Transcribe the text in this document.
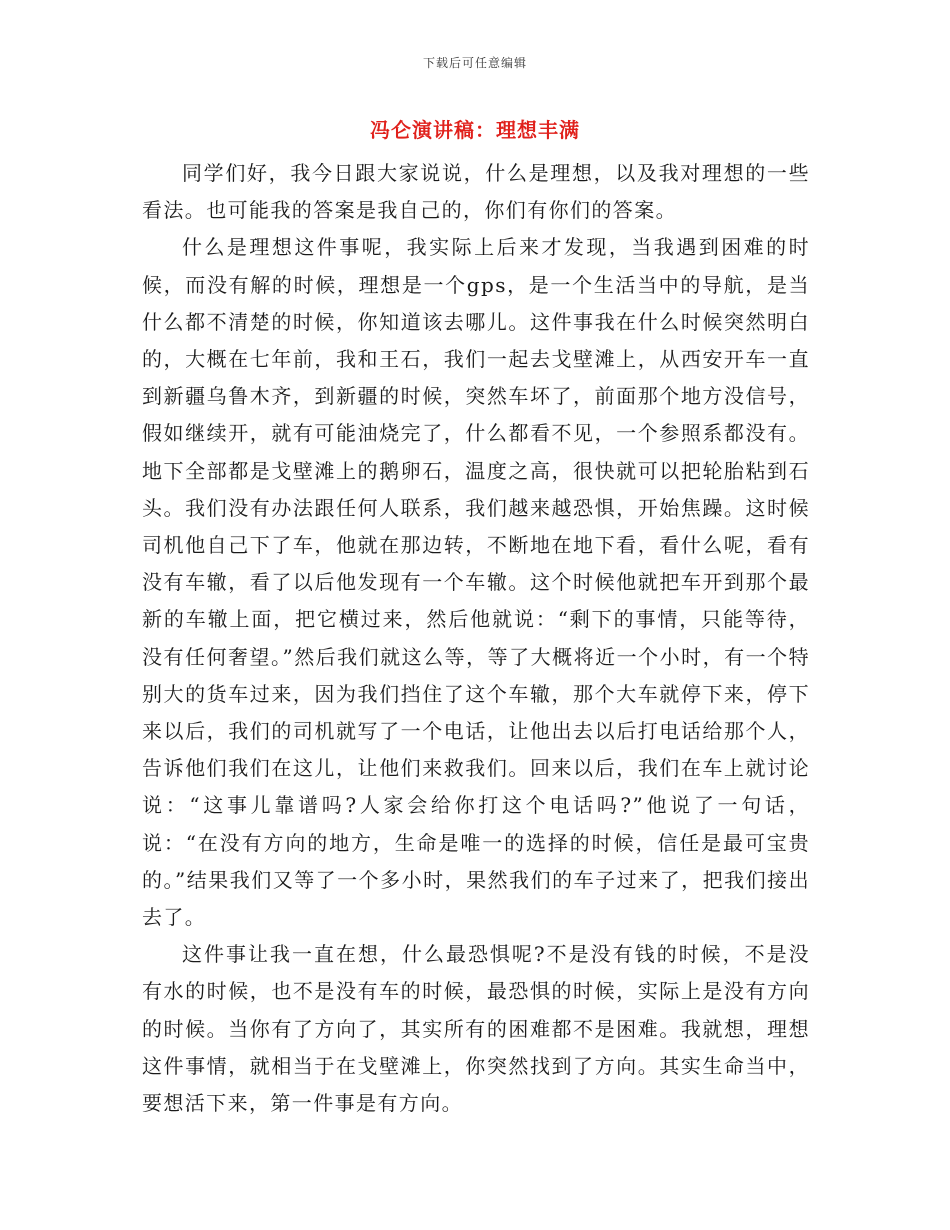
下载后可任意编辑
冯仑演讲稿：理想丰满

同学们好，我今日跟大家说说，什么是理想，以及我对理想的一些看法。也可能我的答案是我自己的，你们有你们的答案。

什么是理想这件事呢，我实际上后来才发现，当我遇到困难的时候，而没有解的时候，理想是一个gps，是一个生活当中的导航，是当什么都不清楚的时候，你知道该去哪儿。这件事我在什么时候突然明白的，大概在七年前，我和王石，我们一起去戈壁滩上，从西安开车一直到新疆乌鲁木齐，到新疆的时候，突然车坏了，前面那个地方没信号，假如继续开，就有可能油烧完了，什么都看不见，一个参照系都没有。地下全部都是戈壁滩上的鹅卵石，温度之高，很快就可以把轮胎粘到石头。我们没有办法跟任何人联系，我们越来越恐惧，开始焦躁。这时候司机他自己下了车，他就在那边转，不断地在地下看，看什么呢，看有没有车辙，看了以后他发现有一个车辙。这个时候他就把车开到那个最新的车辙上面，把它横过来，然后他就说：“剩下的事情，只能等待，没有任何奢望。”然后我们就这么等，等了大概将近一个小时，有一个特别大的货车过来，因为我们挡住了这个车辙，那个大车就停下来，停下来以后，我们的司机就写了一个电话，让他出去以后打电话给那个人，告诉他们我们在这儿，让他们来救我们。回来以后，我们在车上就讨论说：“这事儿靠谱吗?人家会给你打这个电话吗?”他说了一句话，说：“在没有方向的地方，生命是唯一的选择的时候，信任是最可宝贵的。”结果我们又等了一个多小时，果然我们的车子过来了，把我们接出去了。

这件事让我一直在想，什么最恐惧呢?不是没有钱的时候，不是没有水的时候，也不是没有车的时候，最恐惧的时候，实际上是没有方向的时候。当你有了方向了，其实所有的困难都不是困难。我就想，理想这件事情，就相当于在戈壁滩上，你突然找到了方向。其实生命当中，要想活下来，第一件事是有方向。
